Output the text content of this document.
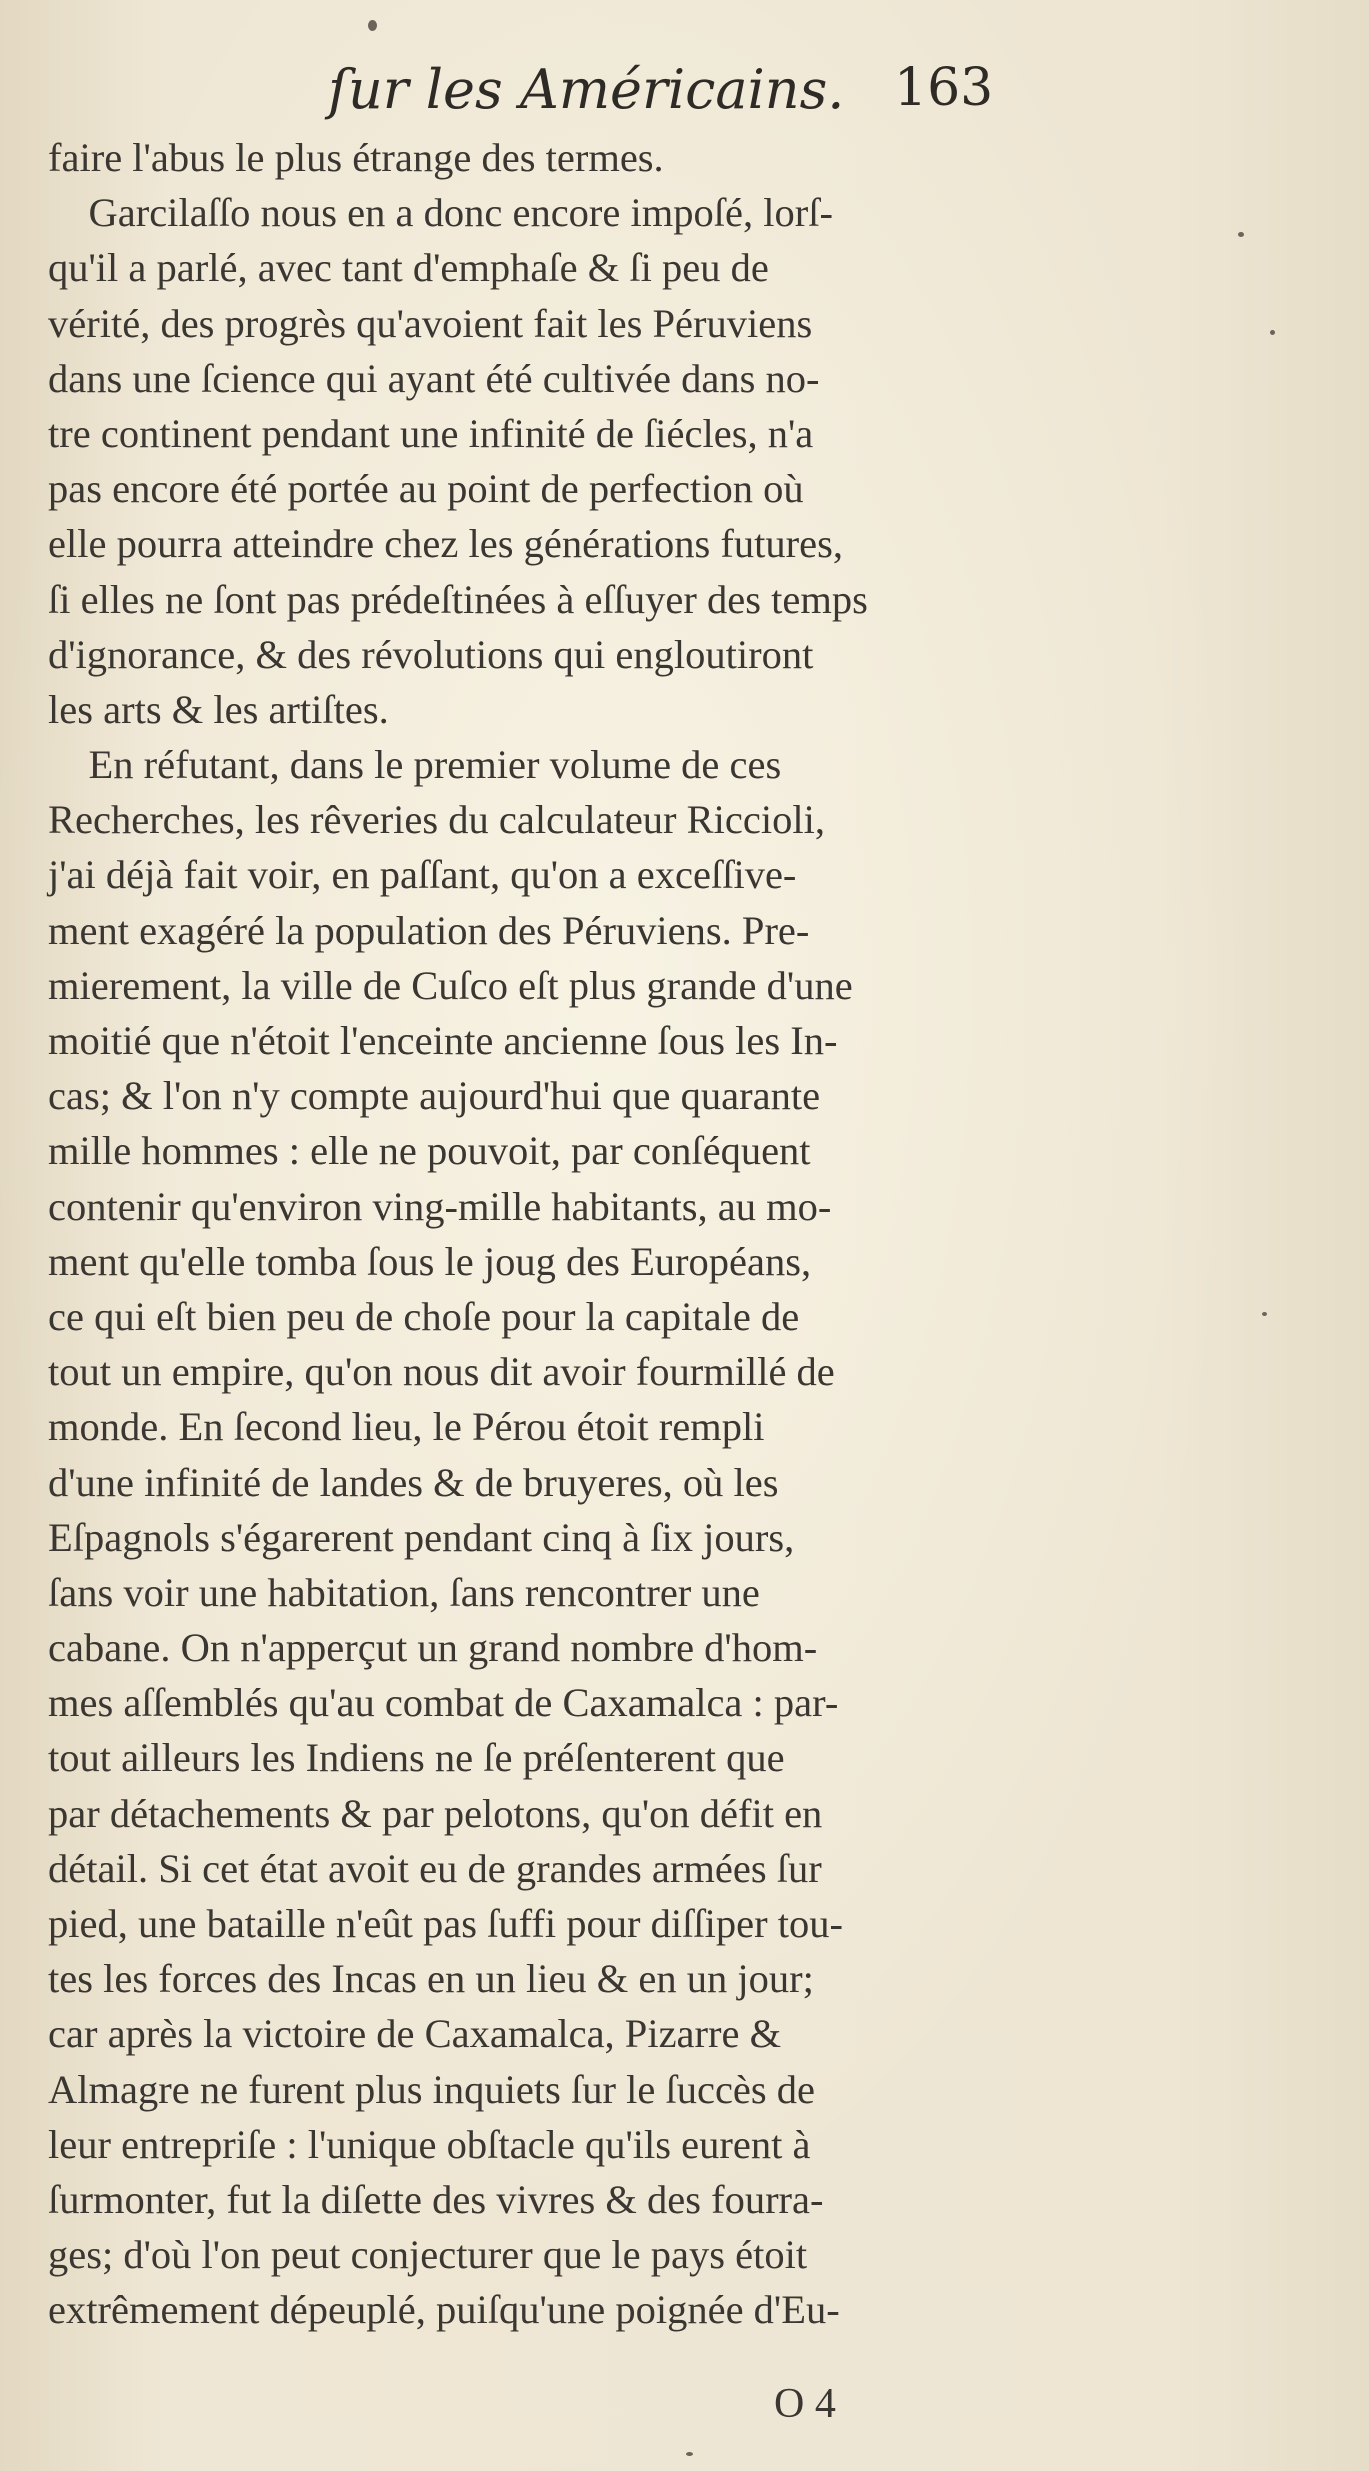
ſur les Américains. 163
faire l'abus le plus étrange des termes.
Garcilaſſo nous en a donc encore impoſé, lorſ-
qu'il a parlé, avec tant d'emphaſe & ſi peu de
vérité, des progrès qu'avoient fait les Péruviens
dans une ſcience qui ayant été cultivée dans no-
tre continent pendant une infinité de ſiécles, n'a
pas encore été portée au point de perfection où
elle pourra atteindre chez les générations futures,
ſi elles ne ſont pas prédeſtinées à eſſuyer des temps
d'ignorance, & des révolutions qui engloutiront
les arts & les artiſtes.
En réfutant, dans le premier volume de ces
Recherches, les rêveries du calculateur Riccioli,
j'ai déjà fait voir, en paſſant, qu'on a exceſſive-
ment exagéré la population des Péruviens. Pre-
mierement, la ville de Cuſco eſt plus grande d'une
moitié que n'étoit l'enceinte ancienne ſous les In-
cas; & l'on n'y compte aujourd'hui que quarante
mille hommes : elle ne pouvoit, par conſéquent
contenir qu'environ ving-mille habitants, au mo-
ment qu'elle tomba ſous le joug des Européans,
ce qui eſt bien peu de choſe pour la capitale de
tout un empire, qu'on nous dit avoir fourmillé de
monde. En ſecond lieu, le Pérou étoit rempli
d'une infinité de landes & de bruyeres, où les
Eſpagnols s'égarerent pendant cinq à ſix jours,
ſans voir une habitation, ſans rencontrer une
cabane. On n'apperçut un grand nombre d'hom-
mes aſſemblés qu'au combat de Caxamalca : par-
tout ailleurs les Indiens ne ſe préſenterent que
par détachements & par pelotons, qu'on défit en
détail. Si cet état avoit eu de grandes armées ſur
pied, une bataille n'eût pas ſuffi pour diſſiper tou-
tes les forces des Incas en un lieu & en un jour;
car après la victoire de Caxamalca, Pizarre &
Almagre ne furent plus inquiets ſur le ſuccès de
leur entrepriſe : l'unique obſtacle qu'ils eurent à
ſurmonter, fut la diſette des vivres & des fourra-
ges; d'où l'on peut conjecturer que le pays étoit
extrêmement dépeuplé, puiſqu'une poignée d'Eu-
O 4
